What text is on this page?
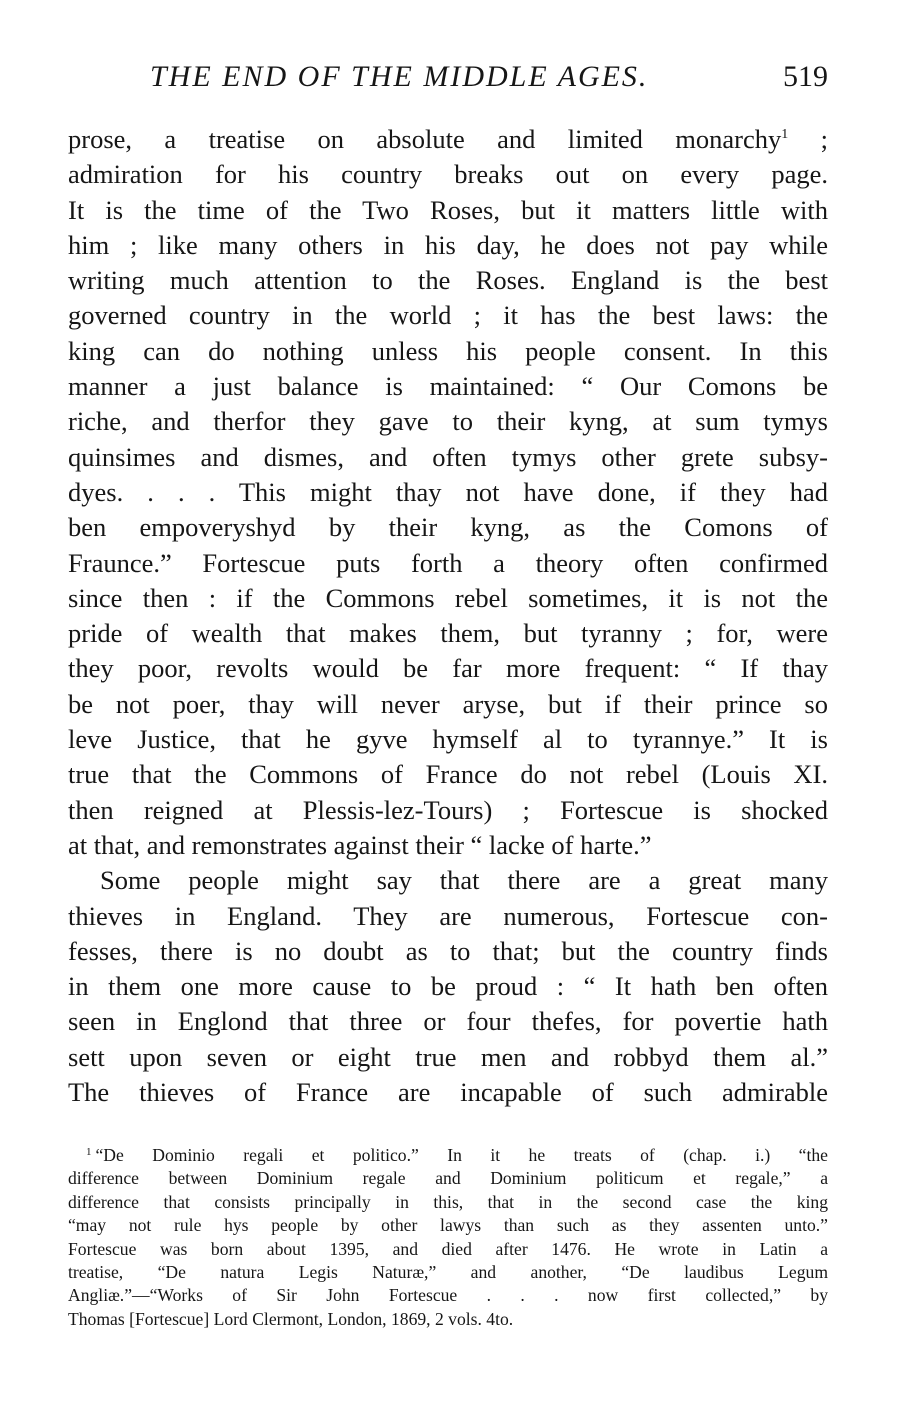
THE END OF THE MIDDLE AGES.	519
prose, a treatise on absolute and limited monarchy$^1$ ;
admiration for his country breaks out on every page.
It is the time of the Two Roses, but it matters little with
him ; like many others in his day, he does not pay while
writing much attention to the Roses. England is the best
governed country in the world ; it has the best laws: the
king can do nothing unless his people consent. In this
manner a just balance is maintained: “ Our Comons be
riche, and therfor they gave to their kyng, at sum tymys
quinsimes and dismes, and often tymys other grete subsy-
dyes. . . . This might thay not have done, if they had
ben empoveryshyd by their kyng, as the Comons of
Fraunce.” Fortescue puts forth a theory often confirmed
since then : if the Commons rebel sometimes, it is not the
pride of wealth that makes them, but tyranny ; for, were
they poor, revolts would be far more frequent: “ If thay
be not poer, thay will never aryse, but if their prince so
leve Justice, that he gyve hymself al to tyrannye.” It is
true that the Commons of France do not rebel (Louis XI.
then reigned at Plessis-lez-Tours) ; Fortescue is shocked
at that, and remonstrates against their “ lacke of harte.”
Some people might say that there are a great many
thieves in England. They are numerous, Fortescue con-
fesses, there is no doubt as to that; but the country finds
in them one more cause to be proud : “ It hath ben often
seen in Englond that three or four thefes, for povertie hath
sett upon seven or eight true men and robbyd them al.”
The thieves of France are incapable of such admirable
$^1$ “De Dominio regali et politico.” In it he treats of (chap. i.) “the
difference between Dominium regale and Dominium politicum et regale,” a
difference that consists principally in this, that in the second case the king
“may not rule hys people by other lawys than such as they assenten unto.”
Fortescue was born about 1395, and died after 1476. He wrote in Latin a
treatise, “De natura Legis Naturæ,” and another, “De laudibus Legum
Angliæ.”—“Works of Sir John Fortescue . . . now first collected,” by
Thomas [Fortescue] Lord Clermont, London, 1869, 2 vols. 4to.
